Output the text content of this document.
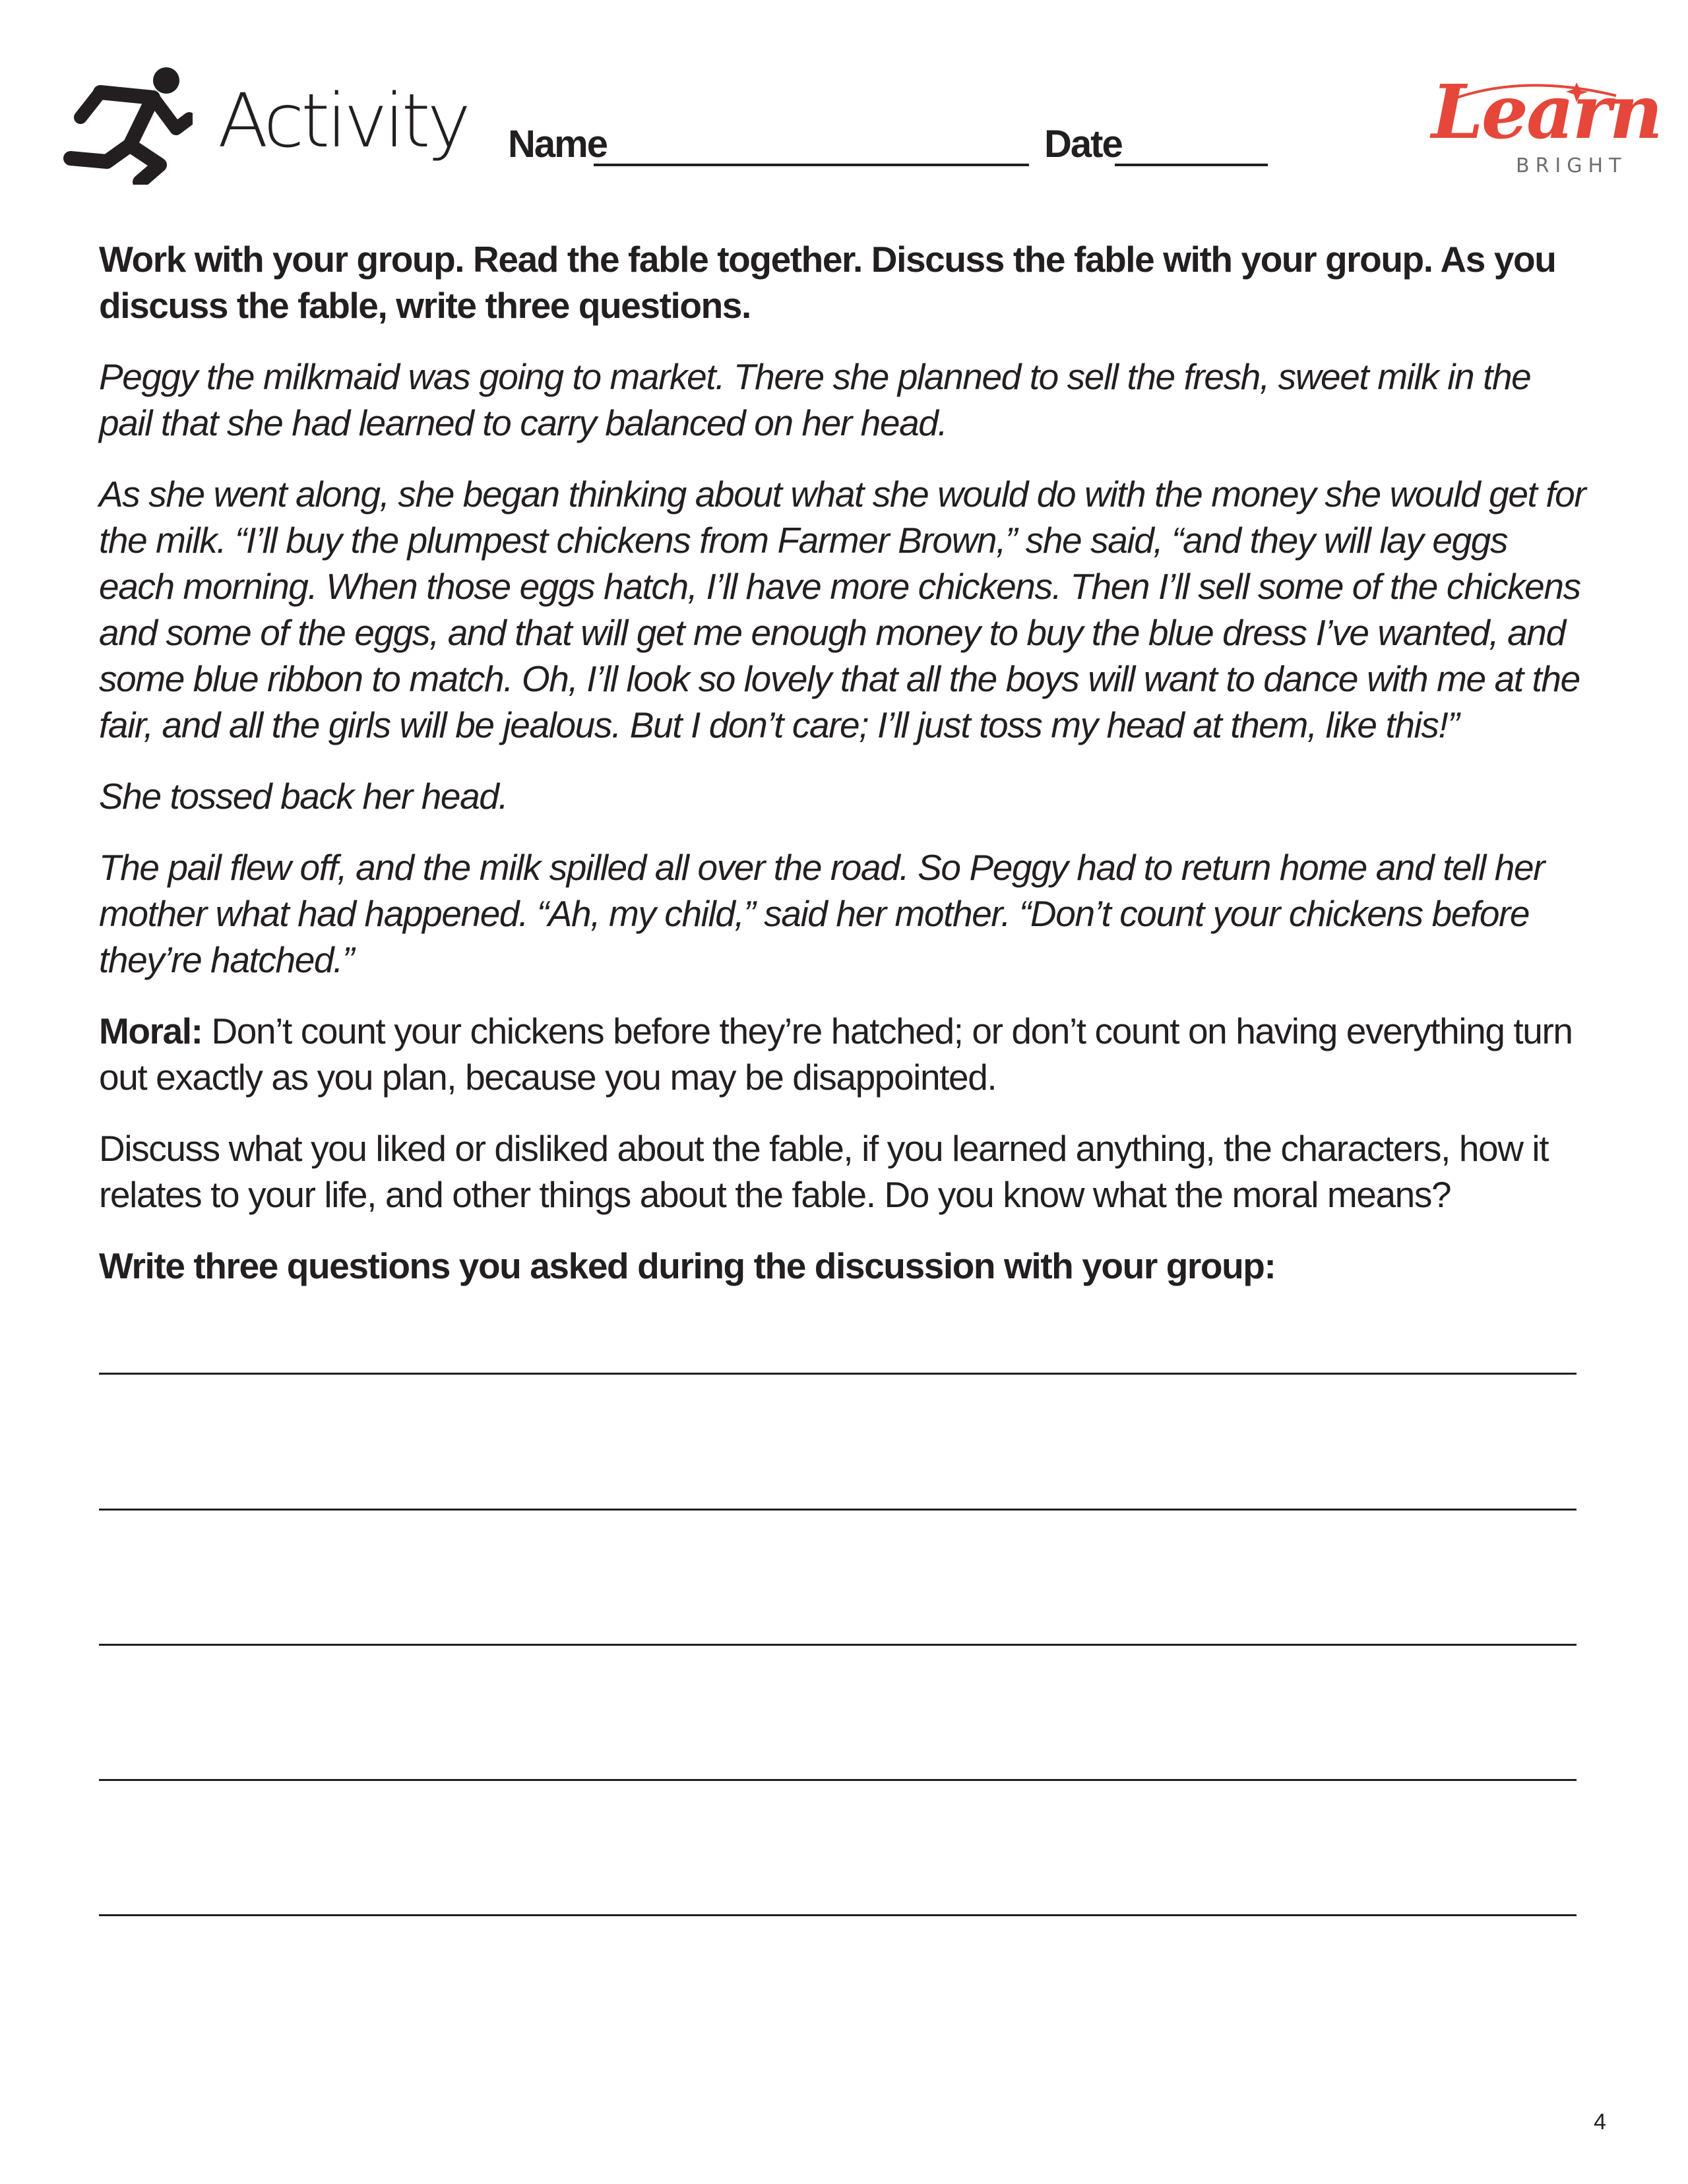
Activity Name	Date	Learn
BRIGHT

Work with your group. Read the fable together. Discuss the fable with your group. As you discuss the fable, write three questions.

Peggy the milkmaid was going to market. There she planned to sell the fresh, sweet milk in the pail that she had learned to carry balanced on her head.

As she went along, she began thinking about what she would do with the money she would get for the milk. “I’ll buy the plumpest chickens from Farmer Brown,” she said, “and they will lay eggs each morning. When those eggs hatch, I’ll have more chickens. Then I’ll sell some of the chickens and some of the eggs, and that will get me enough money to buy the blue dress I’ve wanted, and some blue ribbon to match. Oh, I’ll look so lovely that all the boys will want to dance with me at the fair, and all the girls will be jealous. But I don’t care; I’ll just toss my head at them, like this!”

She tossed back her head.

The pail flew off, and the milk spilled all over the road. So Peggy had to return home and tell her mother what had happened. “Ah, my child,” said her mother. “Don’t count your chickens before they’re hatched.”

Moral: Don’t count your chickens before they’re hatched; or don’t count on having everything turn out exactly as you plan, because you may be disappointed.

Discuss what you liked or disliked about the fable, if you learned anything, the characters, how it relates to your life, and other things about the fable. Do you know what the moral means?

Write three questions you asked during the discussion with your group:

4
